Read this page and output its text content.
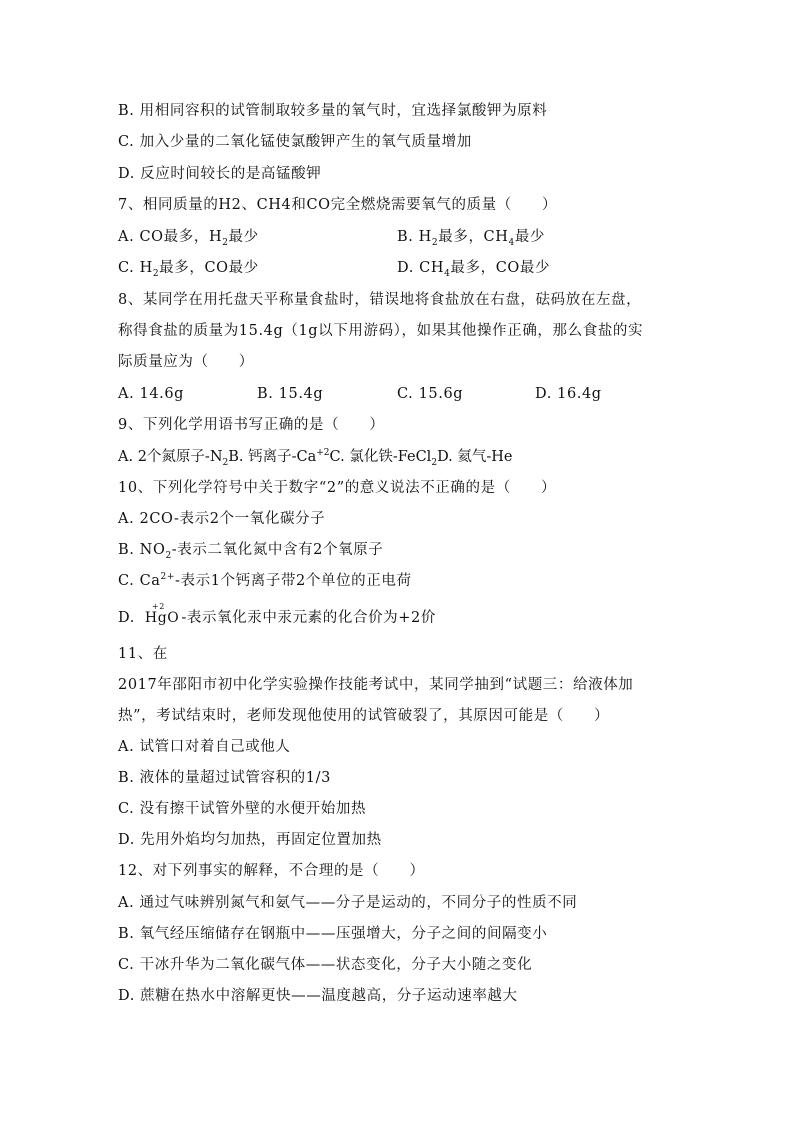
B. 用相同容积的试管制取较多量的氧气时，宜选择氯酸钾为原料
C. 加入少量的二氧化锰使氯酸钾产生的氧气质量增加
D. 反应时间较长的是高锰酸钾
7、相同质量的H2、CH4和CO完全燃烧需要氧气的质量（　　）
A. CO最多，$H_2$最少	B. $H_2$最多，$CH_4$最少
C. $H_2$最多，CO最少	D. $CH_4$最多，CO最少
8、某同学在用托盘天平称量食盐时，错误地将食盐放在右盘，砝码放在左盘，
称得食盐的质量为15.4g（1g以下用游码），如果其他操作正确，那么食盐的实
际质量应为（　　）
A. 14.6g	B. 15.4g	C. 15.6g	D. 16.4g
9、下列化学用语书写正确的是（　　）
A. 2个氮原子$-N_2B$. 钙离子$-Ca^{+2}C$. 氯化铁-FeCl$_2$D. 氦气-He
10、下列化学符号中关于数字“2”的意义说法不正确的是（　　）
A. 2CO-表示2个一氧化碳分子
B. $NO_2-$表示二氧化氮中含有2个氧原子
C. $Ca^{2+}-$表示1个钙离子带2个单位的正电荷
D.
+2
HgO -表示氧化汞中汞元素的化合价为+2价
11、在
2017年邵阳市初中化学实验操作技能考试中，某同学抽到“试题三：给液体加
热”，考试结束时，老师发现他使用的试管破裂了，其原因可能是（　　）
A. 试管口对着自己或他人
B. 液体的量超过试管容积的1/3
C. 没有擦干试管外壁的水便开始加热
D. 先用外焰均匀加热，再固定位置加热
12、对下列事实的解释，不合理的是（　　）
A. 通过气味辨别氮气和氨气——分子是运动的，不同分子的性质不同
B. 氧气经压缩储存在钢瓶中——压强增大，分子之间的间隔变小
C. 干冰升华为二氧化碳气体——状态变化，分子大小随之变化
D. 蔗糖在热水中溶解更快——温度越高，分子运动速率越大
